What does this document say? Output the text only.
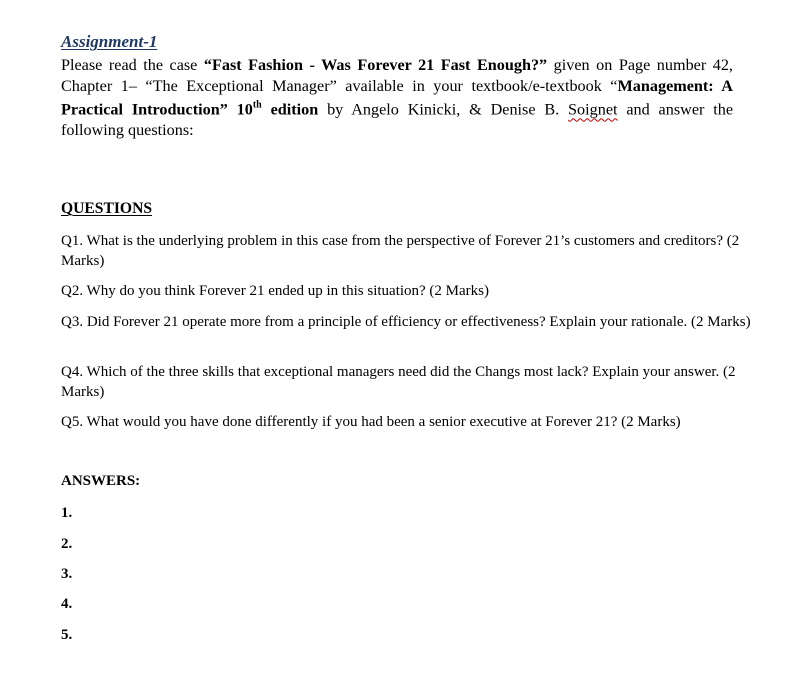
Assignment-1
Please read the case “Fast Fashion - Was Forever 21 Fast Enough?” given on Page number 42, Chapter 1– “The Exceptional Manager” available in your textbook/e-textbook “Management: A Practical Introduction” 10th edition by Angelo Kinicki, & Denise B. Soignet and answer the following questions:
QUESTIONS
Q1. What is the underlying problem in this case from the perspective of Forever 21’s customers and creditors? (2 Marks)
Q2. Why do you think Forever 21 ended up in this situation? (2 Marks)
Q3. Did Forever 21 operate more from a principle of efficiency or effectiveness? Explain your rationale. (2 Marks)
Q4. Which of the three skills that exceptional managers need did the Changs most lack? Explain your answer. (2 Marks)
Q5. What would you have done differently if you had been a senior executive at Forever 21? (2 Marks)
ANSWERS:
1.
2.
3.
4.
5.
